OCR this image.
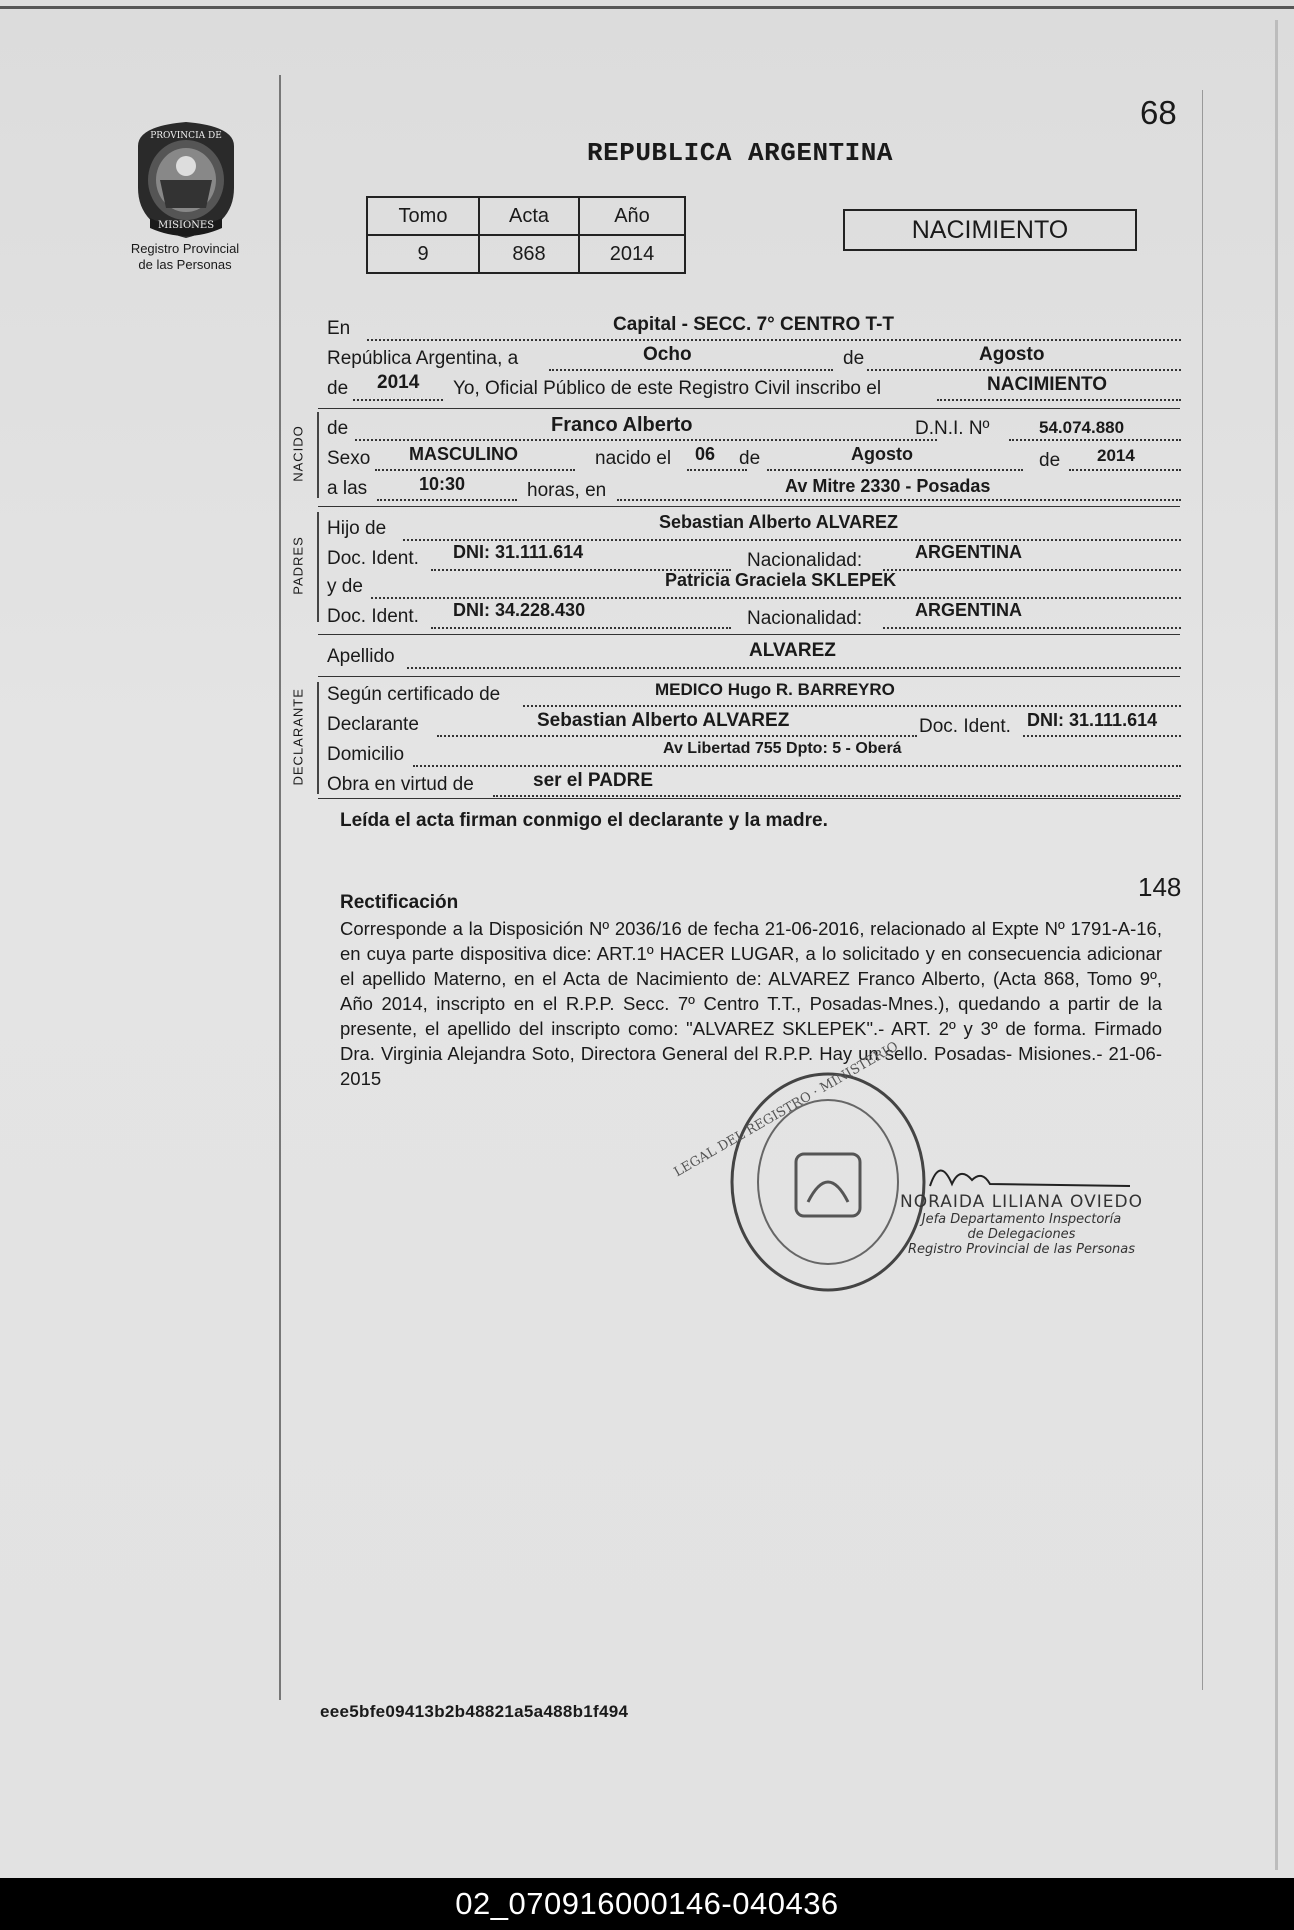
PROVINCIA DE
MISIONES
Registro Provincial
de las Personas
68
REPUBLICA ARGENTINA
Tomo	Acta	Año
9	868	2014
NACIMIENTO
En	Capital - SECC. 7° CENTRO T-T
República Argentina, a	Ocho	de	Agosto
de 2014 Yo, Oficial Público de este Registro Civil inscribo el	NACIMIENTO
NACIDO de	Franco Alberto	D.N.I. Nº	54.074.880
Sexo MASCULINO	nacido el 06 de	Agosto	de 2014
a las	10:30	horas, en	Av Mitre 2330 - Posadas
PADRES
Hijo de	Sebastian Alberto ALVAREZ
Doc. Ident. DNI: 31.111.614	Nacionalidad:	ARGENTINA
y de	Patricia Graciela SKLEPEK
Doc. Ident. DNI: 34.228.430	Nacionalidad:	ARGENTINA
Apellido	ALVAREZ
DECLARANTE Según certificado de	MEDICO Hugo R. BARREYRO
Declarante	Sebastian Alberto ALVAREZ	Doc. Ident. DNI: 31.111.614
Domicilio	Av Libertad 755 Dpto: 5 - Oberá
Obra en virtud de	ser el PADRE
Leída el acta firman conmigo el declarante y la madre.
148
Rectificación
Corresponde a la Disposición Nº 2036/16 de fecha 21-06-2016, relacionado al Expte Nº 1791-A-16, en cuya parte dispositiva dice: ART.1º HACER LUGAR, a lo solicitado y en consecuencia adicionar el apellido Materno, en el Acta de Nacimiento de: ALVAREZ Franco Alberto, (Acta 868, Tomo 9º, Año 2014, inscripto en el R.P.P. Secc. 7º Centro T.T., Posadas-Mnes.), quedando a partir de la presente, el apellido del inscripto como: "ALVAREZ SKLEPEK".- ART. 2º y 3º de forma. Firmado Dra. Virginia Alejandra Soto, Directora General del R.P.P. Hay un sello. Posadas- Misiones.- 21-06-2015	LEGAL DEL REGISTRO · MINISTERIO
NORAIDA LILIANA OVIEDO
Jefa Departamento Inspectoría
de Delegaciones
Registro Provincial de las Personas
eee5bfe09413b2b48821a5a488b1f494
02_070916000146-040436
